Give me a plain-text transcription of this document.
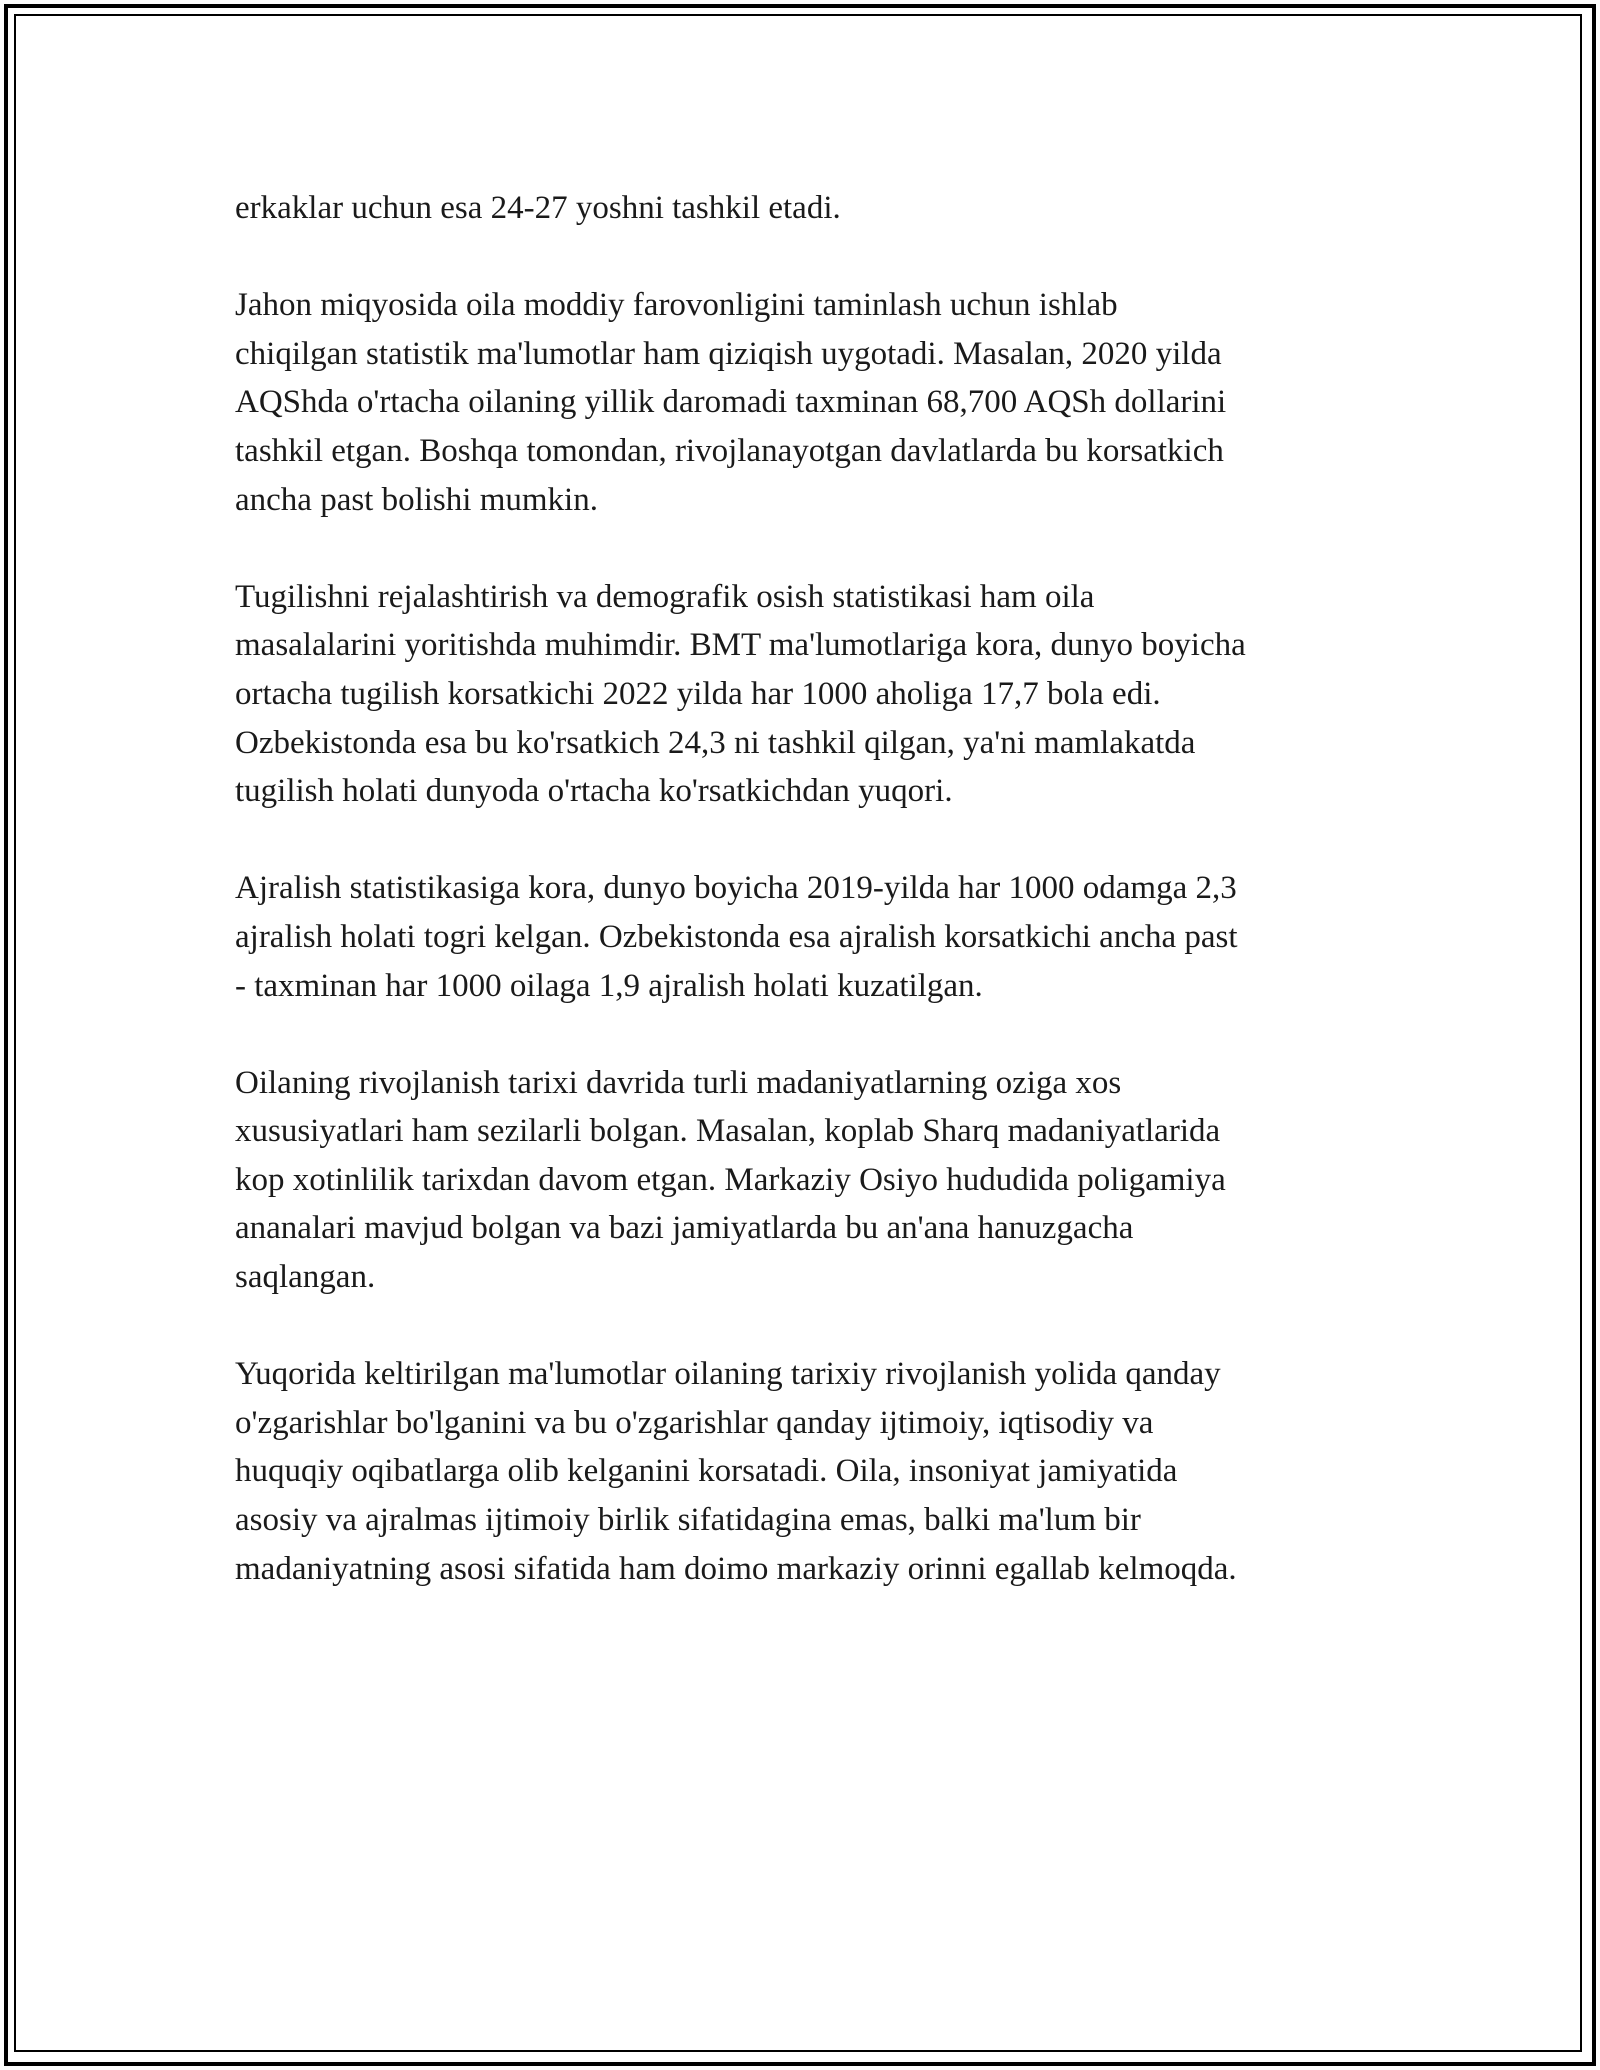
erkaklar uchun esa 24-27 yoshni tashkil etadi.

Jahon miqyosida oila moddiy farovonligini taminlash uchun ishlab
chiqilgan statistik ma'lumotlar ham qiziqish uygotadi. Masalan, 2020 yilda
AQShda o'rtacha oilaning yillik daromadi taxminan 68,700 AQSh dollarini
tashkil etgan. Boshqa tomondan, rivojlanayotgan davlatlarda bu korsatkich
ancha past bolishi mumkin.

Tugilishni rejalashtirish va demografik osish statistikasi ham oila
masalalarini yoritishda muhimdir. BMT ma'lumotlariga kora, dunyo boyicha
ortacha tugilish korsatkichi 2022 yilda har 1000 aholiga 17,7 bola edi.
Ozbekistonda esa bu ko'rsatkich 24,3 ni tashkil qilgan, ya'ni mamlakatda
tugilish holati dunyoda o'rtacha ko'rsatkichdan yuqori.

Ajralish statistikasiga kora, dunyo boyicha 2019-yilda har 1000 odamga 2,3
ajralish holati togri kelgan. Ozbekistonda esa ajralish korsatkichi ancha past
- taxminan har 1000 oilaga 1,9 ajralish holati kuzatilgan.

Oilaning rivojlanish tarixi davrida turli madaniyatlarning oziga xos
xususiyatlari ham sezilarli bolgan. Masalan, koplab Sharq madaniyatlarida
kop xotinlilik tarixdan davom etgan. Markaziy Osiyo hududida poligamiya
ananalari mavjud bolgan va bazi jamiyatlarda bu an'ana hanuzgacha
saqlangan.

Yuqorida keltirilgan ma'lumotlar oilaning tarixiy rivojlanish yolida qanday
o'zgarishlar bo'lganini va bu o'zgarishlar qanday ijtimoiy, iqtisodiy va
huquqiy oqibatlarga olib kelganini korsatadi. Oila, insoniyat jamiyatida
asosiy va ajralmas ijtimoiy birlik sifatidagina emas, balki ma'lum bir
madaniyatning asosi sifatida ham doimo markaziy orinni egallab kelmoqda.
